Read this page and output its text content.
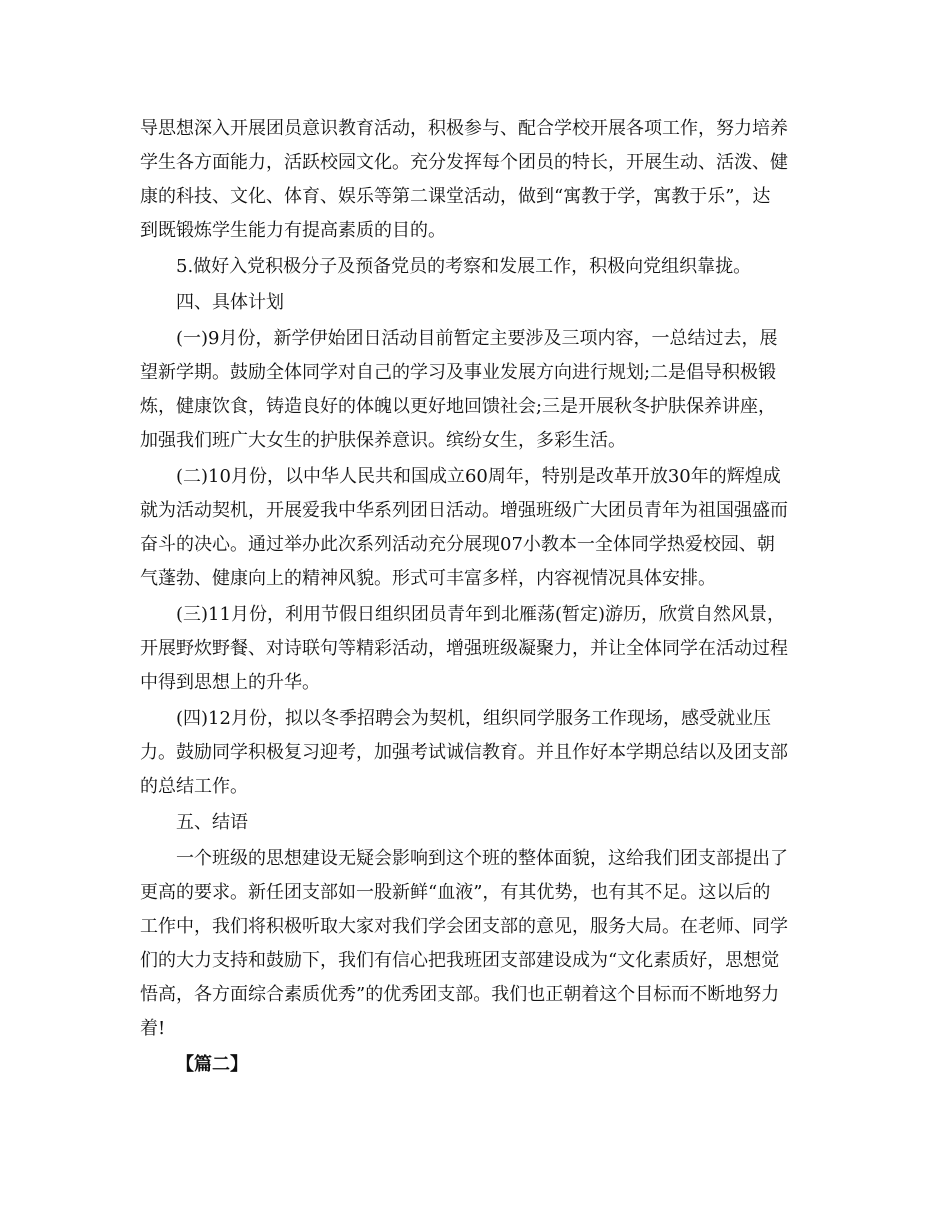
导思想深入开展团员意识教育活动，积极参与、配合学校开展各项工作，努力培养
学生各方面能力，活跃校园文化。充分发挥每个团员的特长，开展生动、活泼、健
康的科技、文化、体育、娱乐等第二课堂活动，做到“寓教于学，寓教于乐”，达
到既锻炼学生能力有提高素质的目的。
5.做好入党积极分子及预备党员的考察和发展工作，积极向党组织靠拢。
四、具体计划
(一)9月份，新学伊始团日活动目前暂定主要涉及三项内容，一总结过去，展
望新学期。鼓励全体同学对自己的学习及事业发展方向进行规划;二是倡导积极锻
炼，健康饮食，铸造良好的体魄以更好地回馈社会;三是开展秋冬护肤保养讲座，
加强我们班广大女生的护肤保养意识。缤纷女生，多彩生活。
(二)10月份，以中华人民共和国成立60周年，特别是改革开放30年的辉煌成
就为活动契机，开展爱我中华系列团日活动。增强班级广大团员青年为祖国强盛而
奋斗的决心。通过举办此次系列活动充分展现07小教本一全体同学热爱校园、朝
气蓬勃、健康向上的精神风貌。形式可丰富多样，内容视情况具体安排。
(三)11月份，利用节假日组织团员青年到北雁荡(暂定)游历，欣赏自然风景，
开展野炊野餐、对诗联句等精彩活动，增强班级凝聚力，并让全体同学在活动过程
中得到思想上的升华。
(四)12月份，拟以冬季招聘会为契机，组织同学服务工作现场，感受就业压
力。鼓励同学积极复习迎考，加强考试诚信教育。并且作好本学期总结以及团支部
的总结工作。
五、结语
一个班级的思想建设无疑会影响到这个班的整体面貌，这给我们团支部提出了
更高的要求。新任团支部如一股新鲜“血液”，有其优势，也有其不足。这以后的
工作中，我们将积极听取大家对我们学会团支部的意见，服务大局。在老师、同学
们的大力支持和鼓励下，我们有信心把我班团支部建设成为“文化素质好，思想觉
悟高，各方面综合素质优秀”的优秀团支部。我们也正朝着这个目标而不断地努力
着!
【篇二】
